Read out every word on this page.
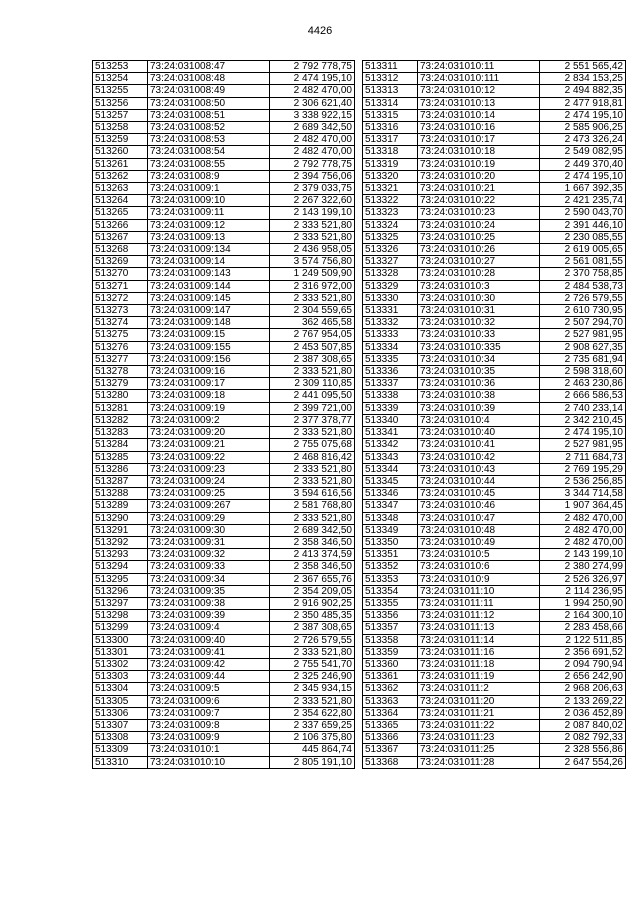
4426
513253	73:24:031008:47	2 792 778,75
513254	73:24:031008:48	2 474 195,10
513255	73:24:031008:49	2 482 470,00
513256	73:24:031008:50	2 306 621,40
513257	73:24:031008:51	3 338 922,15
513258	73:24:031008:52	2 689 342,50
513259	73:24:031008:53	2 482 470,00
513260	73:24:031008:54	2 482 470,00
513261	73:24:031008:55	2 792 778,75
513262	73:24:031008:9	2 394 756,06
513263	73:24:031009:1	2 379 033,75
513264	73:24:031009:10	2 267 322,60
513265	73:24:031009:11	2 143 199,10
513266	73:24:031009:12	2 333 521,80
513267	73:24:031009:13	2 333 521,80
513268	73:24:031009:134	2 436 958,05
513269	73:24:031009:14	3 574 756,80
513270	73:24:031009:143	1 249 509,90
513271	73:24:031009:144	2 316 972,00
513272	73:24:031009:145	2 333 521,80
513273	73:24:031009:147	2 304 559,65
513274	73:24:031009:148	362 465,58
513275	73:24:031009:15	2 767 954,05
513276	73:24:031009:155	2 453 507,85
513277	73:24:031009:156	2 387 308,65
513278	73:24:031009:16	2 333 521,80
513279	73:24:031009:17	2 309 110,85
513280	73:24:031009:18	2 441 095,50
513281	73:24:031009:19	2 399 721,00
513282	73:24:031009:2	2 377 378,77
513283	73:24:031009:20	2 333 521,80
513284	73:24:031009:21	2 755 075,68
513285	73:24:031009:22	2 468 816,42
513286	73:24:031009:23	2 333 521,80
513287	73:24:031009:24	2 333 521,80
513288	73:24:031009:25	3 594 616,56
513289	73:24:031009:267	2 581 768,80
513290	73:24:031009:29	2 333 521,80
513291	73:24:031009:30	2 689 342,50
513292	73:24:031009:31	2 358 346,50
513293	73:24:031009:32	2 413 374,59
513294	73:24:031009:33	2 358 346,50
513295	73:24:031009:34	2 367 655,76
513296	73:24:031009:35	2 354 209,05
513297	73:24:031009:38	2 916 902,25
513298	73:24:031009:39	2 350 485,35
513299	73:24:031009:4	2 387 308,65
513300	73:24:031009:40	2 726 579,55
513301	73:24:031009:41	2 333 521,80
513302	73:24:031009:42	2 755 541,70
513303	73:24:031009:44	2 325 246,90
513304	73:24:031009:5	2 345 934,15
513305	73:24:031009:6	2 333 521,80
513306	73:24:031009:7	2 354 622,80
513307	73:24:031009:8	2 337 659,25
513308	73:24:031009:9	2 106 375,80
513309	73:24:031010:1	445 864,74
513310	73:24:031010:10	2 805 191,10
513311	73:24:031010:11	2 551 565,42
513312	73:24:031010:111	2 834 153,25
513313	73:24:031010:12	2 494 882,35
513314	73:24:031010:13	2 477 918,81
513315	73:24:031010:14	2 474 195,10
513316	73:24:031010:16	2 585 906,25
513317	73:24:031010:17	2 473 326,24
513318	73:24:031010:18	2 549 082,95
513319	73:24:031010:19	2 449 370,40
513320	73:24:031010:20	2 474 195,10
513321	73:24:031010:21	1 667 392,35
513322	73:24:031010:22	2 421 235,74
513323	73:24:031010:23	2 590 043,70
513324	73:24:031010:24	2 391 446,10
513325	73:24:031010:25	2 230 085,55
513326	73:24:031010:26	2 619 005,65
513327	73:24:031010:27	2 561 081,55
513328	73:24:031010:28	2 370 758,85
513329	73:24:031010:3	2 484 538,73
513330	73:24:031010:30	2 726 579,55
513331	73:24:031010:31	2 610 730,95
513332	73:24:031010:32	2 507 294,70
513333	73:24:031010:33	2 527 981,95
513334	73:24:031010:335	2 908 627,35
513335	73:24:031010:34	2 735 681,94
513336	73:24:031010:35	2 598 318,60
513337	73:24:031010:36	2 463 230,86
513338	73:24:031010:38	2 666 586,53
513339	73:24:031010:39	2 740 233,14
513340	73:24:031010:4	2 342 210,45
513341	73:24:031010:40	2 474 195,10
513342	73:24:031010:41	2 527 981,95
513343	73:24:031010:42	2 711 684,73
513344	73:24:031010:43	2 769 195,29
513345	73:24:031010:44	2 536 256,85
513346	73:24:031010:45	3 344 714,58
513347	73:24:031010:46	1 907 364,45
513348	73:24:031010:47	2 482 470,00
513349	73:24:031010:48	2 482 470,00
513350	73:24:031010:49	2 482 470,00
513351	73:24:031010:5	2 143 199,10
513352	73:24:031010:6	2 380 274,99
513353	73:24:031010:9	2 526 326,97
513354	73:24:031011:10	2 114 236,95
513355	73:24:031011:11	1 994 250,90
513356	73:24:031011:12	2 164 300,10
513357	73:24:031011:13	2 283 458,66
513358	73:24:031011:14	2 122 511,85
513359	73:24:031011:16	2 356 691,52
513360	73:24:031011:18	2 094 790,94
513361	73:24:031011:19	2 656 242,90
513362	73:24:031011:2	2 968 206,63
513363	73:24:031011:20	2 133 269,22
513364	73:24:031011:21	2 036 452,89
513365	73:24:031011:22	2 087 840,02
513366	73:24:031011:23	2 082 792,33
513367	73:24:031011:25	2 328 556,86
513368	73:24:031011:28	2 647 554,26
